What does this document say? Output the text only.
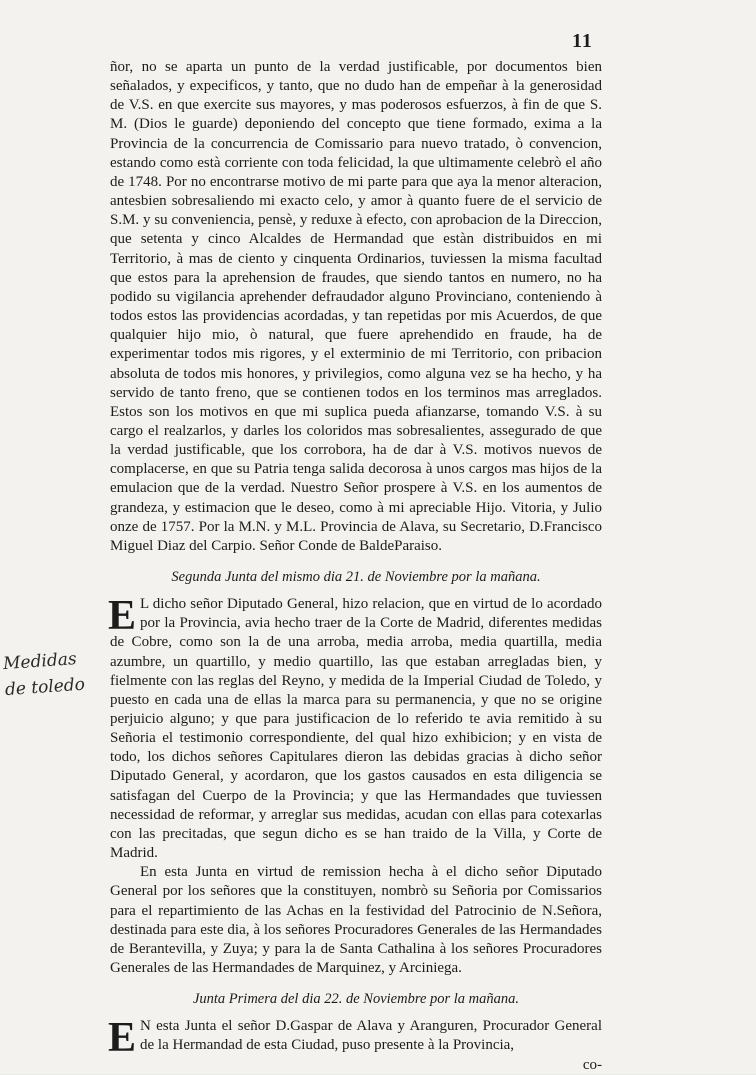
11
Medidas de toledo

ñor, no se aparta un punto de la verdad justificable, por documentos bien señalados, y expecificos, y tanto, que no dudo han de empeñar à la generosidad de V.S. en que exercite sus mayores, y mas poderosos esfuerzos, à fin de que S. M. (Dios le guarde) deponiendo del concepto que tiene formado, exima a la Provincia de la concurrencia de Comissario para nuevo tratado, ò convencion, estando como està corriente con toda felicidad, la que ultimamente celebrò el año de 1748. Por no encontrarse motivo de mi parte para que aya la menor alteracion, antesbien sobresaliendo mi exacto celo, y amor à quanto fuere de el servicio de S.M. y su conveniencia, pensè, y reduxe à efecto, con aprobacion de la Direccion, que setenta y cinco Alcaldes de Hermandad que estàn distribuidos en mi Territorio, à mas de ciento y cinquenta Ordinarios, tuviessen la misma facultad que estos para la aprehension de fraudes, que siendo tantos en numero, no ha podido su vigilancia aprehender defraudador alguno Provinciano, conteniendo à todos estos las providencias acordadas, y tan repetidas por mis Acuerdos, de que qualquier hijo mio, ò natural, que fuere aprehendido en fraude, ha de experimentar todos mis rigores, y el exterminio de mi Territorio, con pribacion absoluta de todos mis honores, y privilegios, como alguna vez se ha hecho, y ha servido de tanto freno, que se contienen todos en los terminos mas arreglados. Estos son los motivos en que mi suplica pueda afianzarse, tomando V.S. à su cargo el realzarlos, y darles los coloridos mas sobresalientes, assegurado de que la verdad justificable, que los corrobora, ha de dar à V.S. motivos nuevos de complacerse, en que su Patria tenga salida decorosa à unos cargos mas hijos de la emulacion que de la verdad. Nuestro Señor prospere à V.S. en los aumentos de grandeza, y estimacion que le deseo, como à mi apreciable Hijo. Vitoria, y Julio onze de 1757. Por la M.N. y M.L. Provincia de Alava, su Secretario, D.Francisco Miguel Diaz del Carpio. Señor Conde de BaldeParaiso.

Segunda Junta del mismo dia 21. de Noviembre por la mañana.

E L dicho señor Diputado General, hizo relacion, que en virtud de lo acordado por la Provincia, avia hecho traer de la Corte de Madrid, diferentes medidas de Cobre, como son la de una arroba, media arroba, media quartilla, media azumbre, un quartillo, y medio quartillo, las que estaban arregladas bien, y fielmente con las reglas del Reyno, y medida de la Imperial Ciudad de Toledo, y puesto en cada una de ellas la marca para su permanencia, y que no se origine perjuicio alguno; y que para justificacion de lo referido te avia remitido à su Señoria el testimonio correspondiente, del qual hizo exhibicion; y en vista de todo, los dichos señores Capitulares dieron las debidas gracias à dicho señor Diputado General, y acordaron, que los gastos causados en esta diligencia se satisfagan del Cuerpo de la Provincia; y que las Hermandades que tuviessen necessidad de reformar, y arreglar sus medidas, acudan con ellas para cotexarlas con las precitadas, que segun dicho es se han traido de la Villa, y Corte de Madrid.

En esta Junta en virtud de remission hecha à el dicho señor Diputado General por los señores que la constituyen, nombrò su Señoria por Comissarios para el repartimiento de las Achas en la festividad del Patrocinio de N.Señora, destinada para este dia, à los señores Procuradores Generales de las Hermandades de Berantevilla, y Zuya; y para la de Santa Cathalina à los señores Procuradores Generales de las Hermandades de Marquinez, y Arciniega.

Junta Primera del dia 22. de Noviembre por la mañana.

E N esta Junta el señor D.Gaspar de Alava y Aranguren, Procurador General de la Hermandad de esta Ciudad, puso presente à la Provincia,

co-
